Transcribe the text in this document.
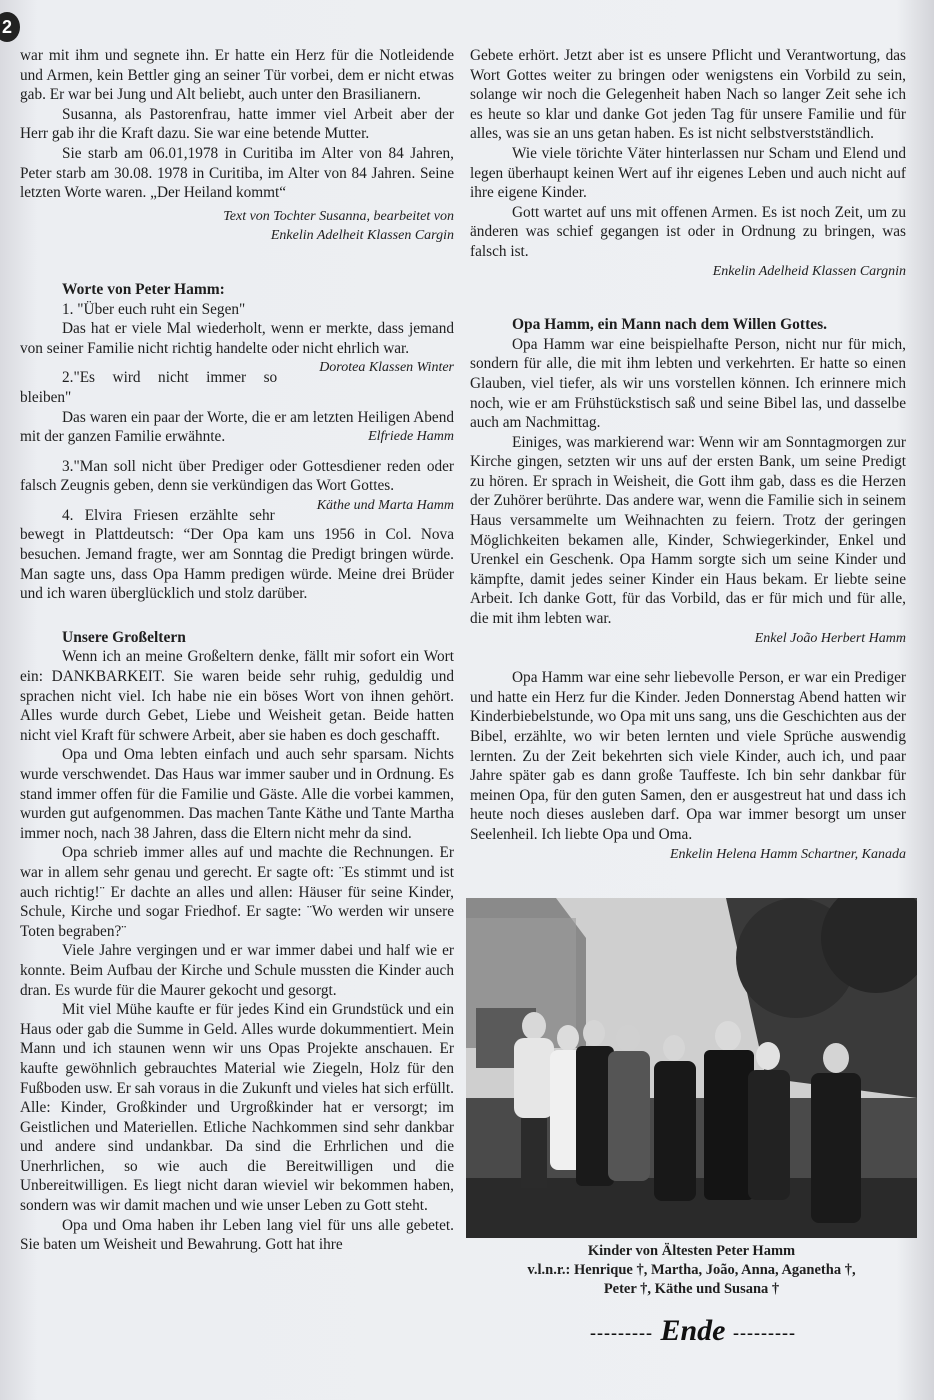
2

war mit ihm und segnete ihn. Er hatte ein Herz für die Notleidende und Armen, kein Bettler ging an seiner Tür vorbei, dem er nicht etwas gab. Er war bei Jung und Alt beliebt, auch unter den Brasilianern.

Susanna, als Pastorenfrau, hatte immer viel Arbeit aber der Herr gab ihr die Kraft dazu. Sie war eine betende Mutter.

Sie starb am 06.01,1978 in Curitiba im Alter von 84 Jahren, Peter starb am 30.08. 1978 in Curitiba, im Alter von 84 Jahren. Seine letzten Worte waren. „Der Heiland kommt“

Text von Tochter Susanna, bearbeitet von

Enkelin Adelheit Klassen Cargin

Worte von Peter Hamm:

1. "Über euch ruht ein Segen"

Das hat er viele Mal wiederholt, wenn er merkte, dass jemand von seiner Familie nicht richtig handelte oder nicht ehrlich war.
Dorotea Klassen Winter

2."Es wird nicht immer so bleiben"

Das waren ein paar der Worte, die er am letzten Heiligen Abend mit der ganzen Familie erwähnte.	Elfriede Hamm

3."Man soll nicht über Prediger oder Gottesdiener reden oder falsch Zeugnis geben, denn sie verkündigen das Wort Gottes.
Käthe und Marta Hamm

4. Elvira Friesen erzählte sehr bewegt in Plattdeutsch: “Der Opa kam uns 1956 in Col. Nova besuchen. Jemand fragte, wer am Sonntag die Predigt bringen würde. Man sagte uns, dass Opa Hamm predigen würde. Meine drei Brüder und ich waren überglücklich und stolz darüber.

Unsere Großeltern

Wenn ich an meine Großeltern denke, fällt mir sofort ein Wort ein: DANKBARKEIT. Sie waren beide sehr ruhig, geduldig und sprachen nicht viel. Ich habe nie ein böses Wort von ihnen gehört. Alles wurde durch Gebet, Liebe und Weisheit getan. Beide hatten nicht viel Kraft für schwere Arbeit, aber sie haben es doch geschafft.

Opa und Oma lebten einfach und auch sehr sparsam. Nichts wurde verschwendet. Das Haus war immer sauber und in Ordnung. Es stand immer offen für die Familie und Gäste. Alle die vorbei kammen, wurden gut aufgenommen. Das machen Tante Käthe und Tante Martha immer noch, nach 38 Jahren, dass die Eltern nicht mehr da sind.

Opa schrieb immer alles auf und machte die Rechnungen. Er war in allem sehr genau und gerecht. Er sagte oft: ¨Es stimmt und ist auch richtig!¨ Er dachte an alles und allen: Häuser für seine Kinder, Schule, Kirche und sogar Friedhof. Er sagte: ¨Wo werden wir unsere Toten begraben?¨

Viele Jahre vergingen und er war immer dabei und half wie er konnte. Beim Aufbau der Kirche und Schule mussten die Kinder auch dran. Es wurde für die Maurer gekocht und gesorgt.

Mit viel Mühe kaufte er für jedes Kind ein Grundstück und ein Haus oder gab die Summe in Geld. Alles wurde dokummentiert. Mein Mann und ich staunen wenn wir uns Opas Projekte anschauen. Er kaufte gewöhnlich gebrauchtes Material wie Ziegeln, Holz für den Fußboden usw. Er sah voraus in die Zukunft und vieles hat sich erfüllt. Alle: Kinder, Großkinder und Urgroßkinder hat er versorgt; im Geistlichen und Materiellen. Etliche Nachkommen sind sehr dankbar und andere sind undankbar. Da sind die Erhrlichen und die Unerhrlichen, so wie auch die Bereitwilligen und die Unbereitwilligen. Es liegt nicht daran wieviel wir bekommen haben, sondern was wir damit machen und wie unser Leben zu Gott steht.

Opa und Oma haben ihr Leben lang viel für uns alle gebetet. Sie baten um Weisheit und Bewahrung. Gott hat ihre

Gebete erhört. Jetzt aber ist es unsere Pflicht und Verantwortung, das Wort Gottes weiter zu bringen oder wenigstens ein Vorbild zu sein, solange wir noch die Gelegenheit haben Nach so langer Zeit sehe ich es heute so klar und danke Got jeden Tag für unsere Familie und für alles, was sie an uns getan haben. Es ist nicht selbstverstständlich.

Wie viele törichte Väter hinterlassen nur Scham und Elend und legen überhaupt keinen Wert auf ihr eigenes Leben und auch nicht auf ihre eigene Kinder.

Gott wartet auf uns mit offenen Armen. Es ist noch Zeit, um zu änderen was schief gegangen ist oder in Ordnung zu bringen, was falsch ist.

Enkelin Adelheid Klassen Cargnin

Opa Hamm, ein Mann nach dem Willen Gottes.

Opa Hamm war eine beispielhafte Person, nicht nur für mich, sondern für alle, die mit ihm lebten und verkehrten. Er hatte so einen Glauben, viel tiefer, als wir uns vorstellen können. Ich erinnere mich noch, wie er am Frühstückstisch saß und seine Bibel las, und dasselbe auch am Nachmittag.

Einiges, was markierend war: Wenn wir am Sonntagmorgen zur Kirche gingen, setzten wir uns auf der ersten Bank, um seine Predigt zu hören. Er sprach in Weisheit, die Gott ihm gab, dass es die Herzen der Zuhörer berührte. Das andere war, wenn die Familie sich in seinem Haus versammelte um Weihnachten zu feiern. Trotz der geringen Möglichkeiten bekamen alle, Kinder, Schwiegerkinder, Enkel und Urenkel ein Geschenk. Opa Hamm sorgte sich um seine Kinder und kämpfte, damit jedes seiner Kinder ein Haus bekam. Er liebte seine Arbeit. Ich danke Gott, für das Vorbild, das er für mich und für alle, die mit ihm lebten war.

Enkel João Herbert Hamm

Opa Hamm war eine sehr liebevolle Person, er war ein Prediger und hatte ein Herz fur die Kinder. Jeden Donnerstag Abend hatten wir Kinderbiebelstunde, wo Opa mit uns sang, uns die Geschichten aus der Bibel, erzählte, wo wir beten lernten und viele Sprüche auswendig lernten. Zu der Zeit bekehrten sich viele Kinder, auch ich, und paar Jahre später gab es dann große Tauffeste. Ich bin sehr dankbar für meinen Opa, für den guten Samen, den er ausgestreut hat und dass ich heute noch dieses ausleben darf. Opa war immer besorgt um unser Seelenheil. Ich liebte Opa und Oma.

Enkelin Helena Hamm Schartner, Kanada

Kinder von Ältesten Peter Hamm
v.l.n.r.: Henrique †, Martha, João, Anna, Aganetha †,
Peter †, Käthe und Susana †
--------- Ende ---------
